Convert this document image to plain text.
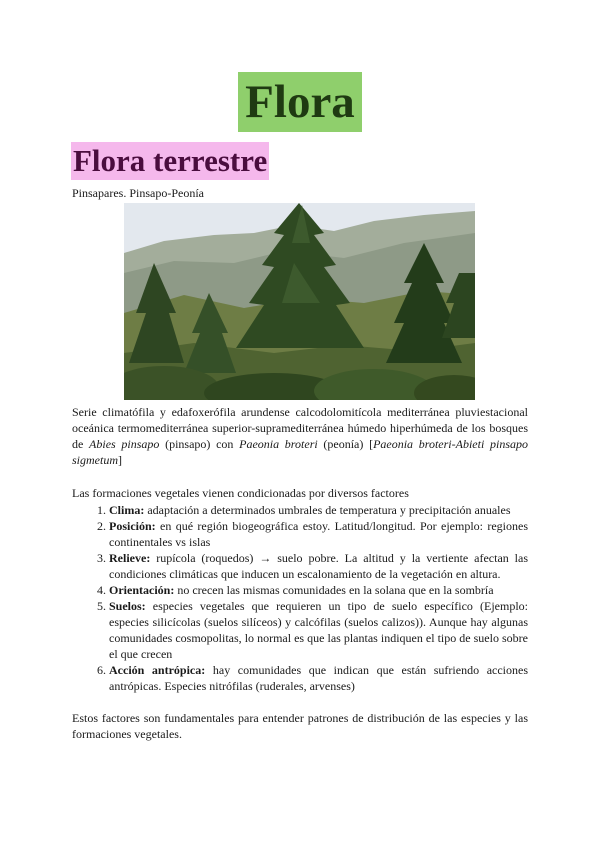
Flora
Flora terrestre
Pinsapares. Pinsapo-Peonía

Serie climatófila y edafoxerófila arundense calcodolomitícola mediterránea pluviestacional oceánica termomediterránea superior-supramediterránea húmedo hiperhúmeda de los bosques de Abies pinsapo (pinsapo) con Paeonia broteri (peonía) [Paeonia broteri-Abieti pinsapo sigmetum]

Las formaciones vegetales vienen condicionadas por diversos factores

1. Clima: adaptación a determinados umbrales de temperatura y precipitación anuales
2. Posición: en qué región biogeográfica estoy. Latitud/longitud. Por ejemplo: regiones continentales vs islas
3. Relieve: rupícola (roquedos) → suelo pobre. La altitud y la vertiente afectan las condiciones climáticas que inducen un escalonamiento de la vegetación en altura.
4. Orientación: no crecen las mismas comunidades en la solana que en la sombría
5. Suelos: especies vegetales que requieren un tipo de suelo específico (Ejemplo: especies silicícolas (suelos silíceos) y calcófilas (suelos calizos)). Aunque hay algunas comunidades cosmopolitas, lo normal es que las plantas indiquen el tipo de suelo sobre el que crecen
6. Acción antrópica: hay comunidades que indican que están sufriendo acciones antrópicas. Especies nitrófilas (ruderales, arvenses)

Estos factores son fundamentales para entender patrones de distribución de las especies y las formaciones vegetales.
